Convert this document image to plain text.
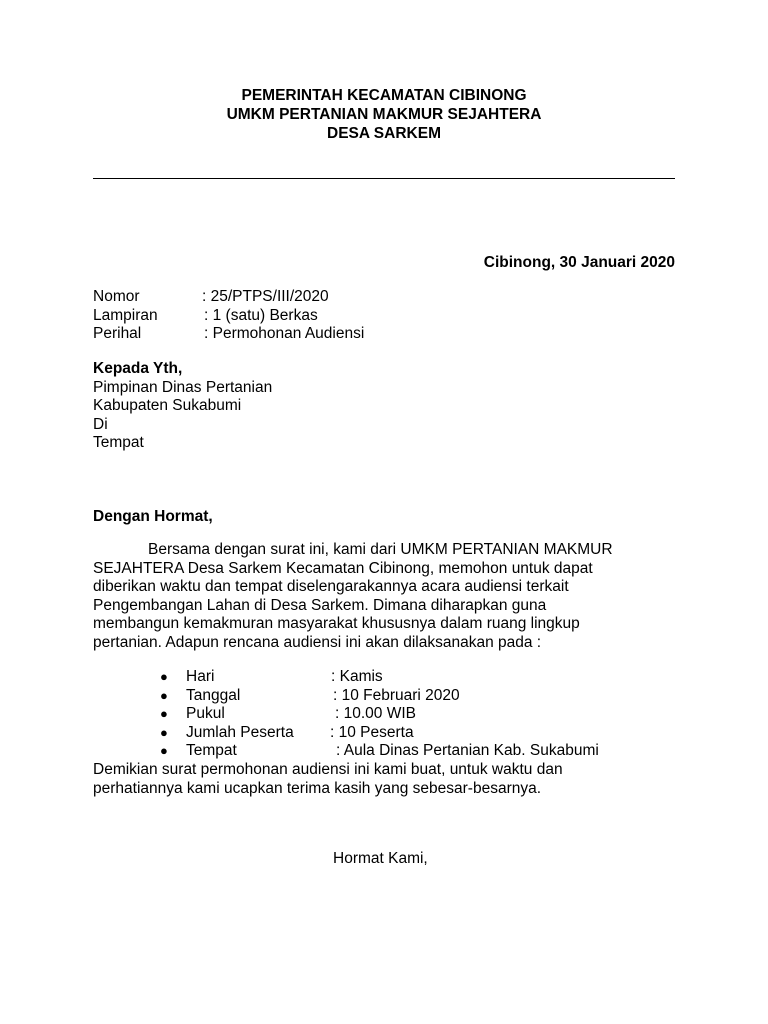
PEMERINTAH KECAMATAN CIBINONG
UMKM PERTANIAN MAKMUR SEJAHTERA
DESA SARKEM
Cibinong, 30 Januari 2020
Nomor	: 25/PTPS/III/2020
Lampiran	: 1 (satu) Berkas
Perihal	: Permohonan Audiensi
Kepada Yth,
Pimpinan Dinas Pertanian
Kabupaten Sukabumi
Di
Tempat
Dengan Hormat,
Bersama dengan surat ini, kami dari UMKM PERTANIAN MAKMUR
SEJAHTERA Desa Sarkem Kecamatan Cibinong, memohon untuk dapat
diberikan waktu dan tempat diselengarakannya acara audiensi terkait
Pengembangan Lahan di Desa Sarkem. Dimana diharapkan guna
membangun kemakmuran masyarakat khususnya dalam ruang lingkup
pertanian. Adapun rencana audiensi ini akan dilaksanakan pada :
● Hari	: Kamis
● Tanggal	: 10 Februari 2020
● Pukul	: 10.00 WIB
● Jumlah Peserta : 10 Peserta
● Tempat	: Aula Dinas Pertanian Kab. Sukabumi
Demikian surat permohonan audiensi ini kami buat, untuk waktu dan
perhatiannya kami ucapkan terima kasih yang sebesar-besarnya.
Hormat Kami,
